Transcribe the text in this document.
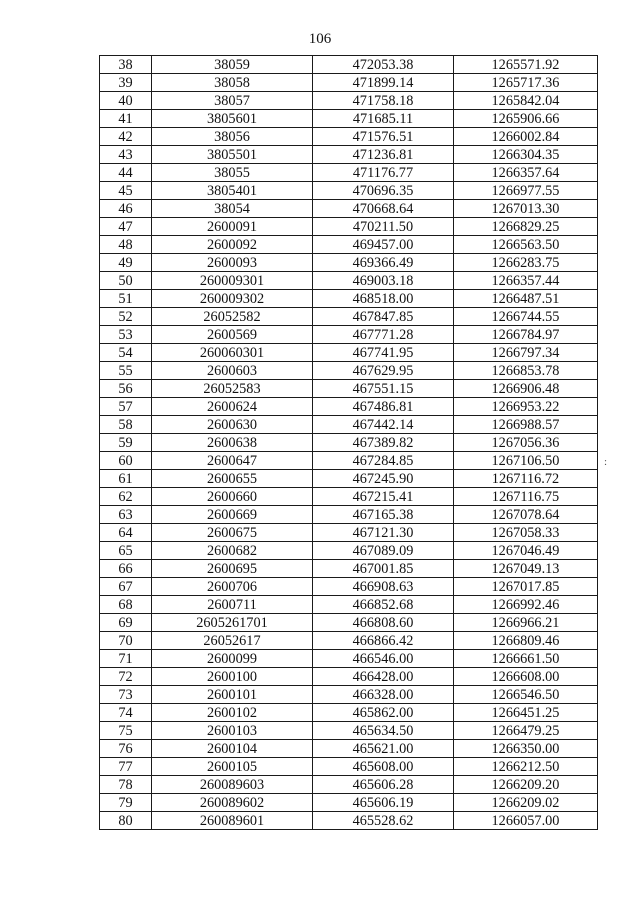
106
38	38059	472053.38	1265571.92
39	38058	471899.14	1265717.36
40	38057	471758.18	1265842.04
41	3805601	471685.11	1265906.66
42	38056	471576.51	1266002.84
43	3805501	471236.81	1266304.35
44	38055	471176.77	1266357.64
45	3805401	470696.35	1266977.55
46	38054	470668.64	1267013.30
47	2600091	470211.50	1266829.25
48	2600092	469457.00	1266563.50
49	2600093	469366.49	1266283.75
50	260009301	469003.18	1266357.44
51	260009302	468518.00	1266487.51
52	26052582	467847.85	1266744.55
53	2600569	467771.28	1266784.97
54	260060301	467741.95	1266797.34
55	2600603	467629.95	1266853.78
56	26052583	467551.15	1266906.48
57	2600624	467486.81	1266953.22
58	2600630	467442.14	1266988.57
59	2600638	467389.82	1267056.36
60	2600647	467284.85	1267106.50
61	2600655	467245.90	1267116.72
62	2600660	467215.41	1267116.75
63	2600669	467165.38	1267078.64
64	2600675	467121.30	1267058.33
65	2600682	467089.09	1267046.49
66	2600695	467001.85	1267049.13
67	2600706	466908.63	1267017.85
68	2600711	466852.68	1266992.46
69	2605261701	466808.60	1266966.21
70	26052617	466866.42	1266809.46
71	2600099	466546.00	1266661.50
72	2600100	466428.00	1266608.00
73	2600101	466328.00	1266546.50
74	2600102	465862.00	1266451.25
75	2600103	465634.50	1266479.25
76	2600104	465621.00	1266350.00
77	2600105	465608.00	1266212.50
78	260089603	465606.28	1266209.20
79	260089602	465606.19	1266209.02
80	260089601	465528.62	1266057.00
:
